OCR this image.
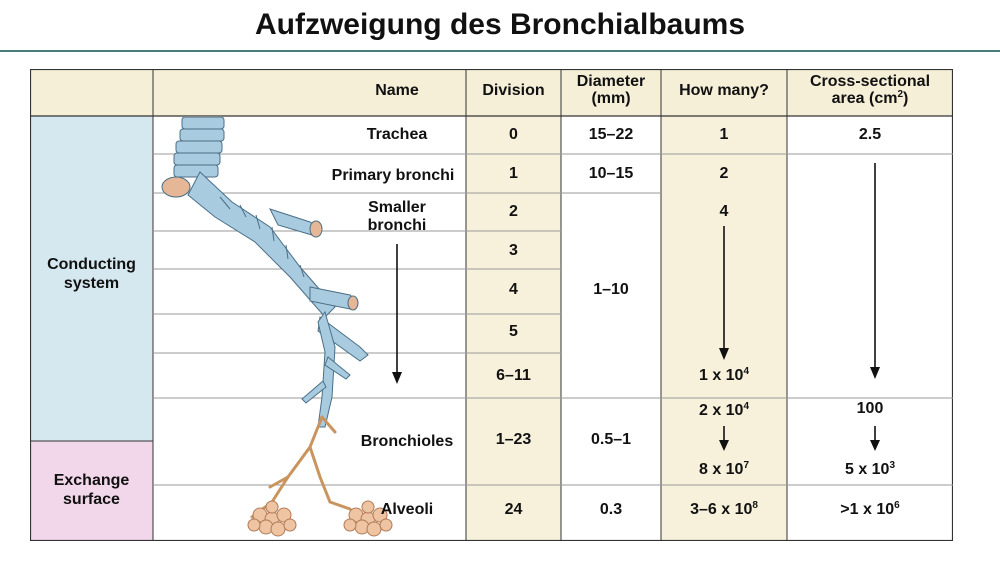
Aufzweigung des Bronchialbaums
Name	Division
Diameter (mm)	How many?
Cross-sectional
area $(cm^2)$
Conducting system
Exchange surface
Trachea
Primary bronchi
Smaller
bronchi
Bronchioles
Alveoli
0
1
2
3
4
5
6–11
1–23
24
15–22
10–15
1–10
0.5–1
0.3
1
2
4
1 x $10^4$
2 x $10^4$
8 x $10^7$
3–6 x $10^8$
2.5
100
5 x $10^3$
>1 x $10^6$
